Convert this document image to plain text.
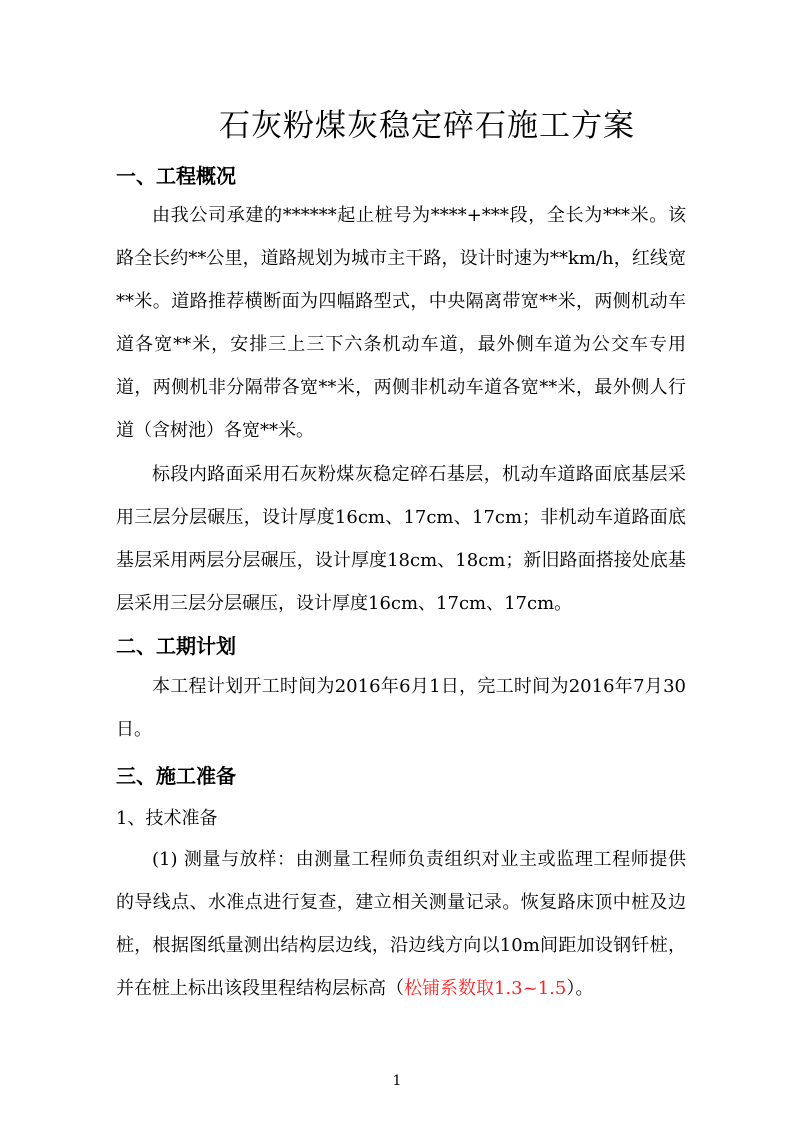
石灰粉煤灰稳定碎石施工方案
一、工程概况
由我公司承建的******起止桩号为****+***段，全长为***米。该路全长约**公里，道路规划为城市主干路，设计时速为**km/h，红线宽**米。道路推荐横断面为四幅路型式，中央隔离带宽**米，两侧机动车道各宽**米，安排三上三下六条机动车道，最外侧车道为公交车专用道，两侧机非分隔带各宽**米，两侧非机动车道各宽**米，最外侧人行道（含树池）各宽**米。
标段内路面采用石灰粉煤灰稳定碎石基层，机动车道路面底基层采用三层分层碾压，设计厚度16cm、17cm、17cm；非机动车道路面底基层采用两层分层碾压，设计厚度18cm、18cm；新旧路面搭接处底基层采用三层分层碾压，设计厚度16cm、17cm、17cm。
二、工期计划
本工程计划开工时间为2016年6月1日，完工时间为2016年7月30日。
三、施工准备
1、技术准备
(1) 测量与放样：由测量工程师负责组织对业主或监理工程师提供的导线点、水准点进行复查，建立相关测量记录。恢复路床顶中桩及边桩，根据图纸量测出结构层边线，沿边线方向以10m间距加设钢钎桩，并在桩上标出该段里程结构层标高（松铺系数取1.3~1.5）。
1
